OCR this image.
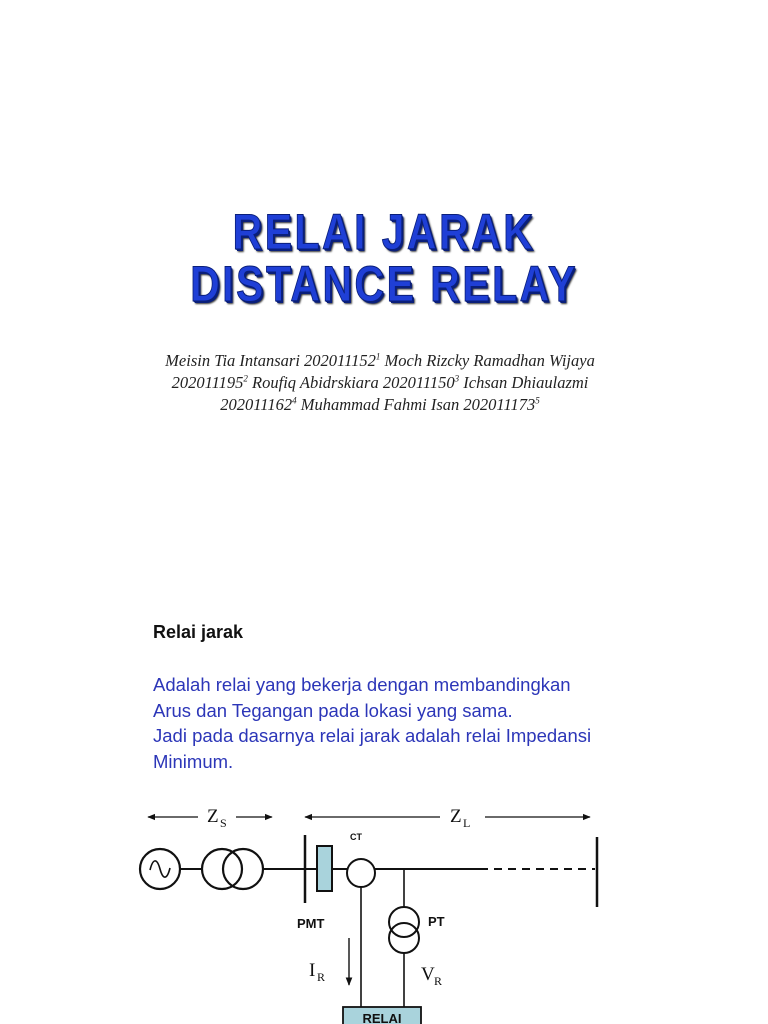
RELAI JARAK
DISTANCE RELAY
Meisin Tia Intansari 202011152$^1$ Moch Rizcky Ramadhan Wijaya
202011195$^2$ Roufiq Abidrskiara 202011150$^3$ Ichsan Dhiaulazmi
202011162$^4$ Muhammad Fahmi Isan 202011173$^5$
Relai jarak
Adalah relai yang bekerja dengan membandingkan
Arus dan Tegangan pada lokasi yang sama.
Jadi pada dasarnya relai jarak adalah relai Impedansi
Minimum.
Z S	Z L
PMT
CT
I R
PT
V R
RELAI
